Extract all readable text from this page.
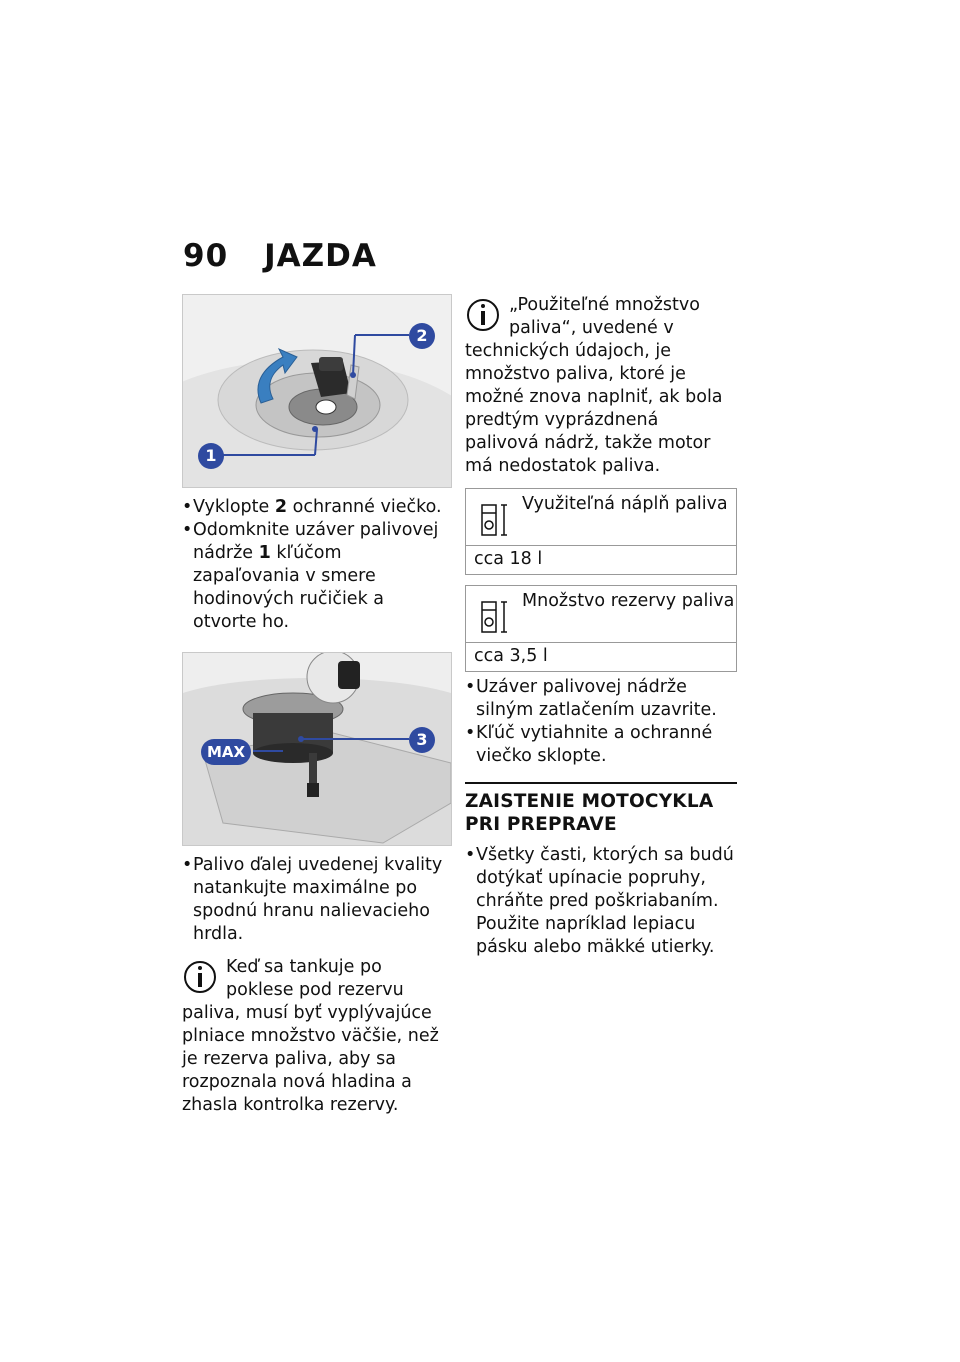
90 JAZDA
1
2
• Vyklopte 2 ochranné viečko.
• Odomknite uzáver palivovej nádrže 1 kľúčom zapaľovania v smere hodinových ručičiek a otvorte ho.
MAX
3
• Palivo ďalej uvedenej kvality natankujte maximálne po spodnú hranu nalievacieho hrdla.
Keď sa tankuje po poklese pod rezervu paliva, musí byť vyplývajúce plniace množstvo väčšie, než je rezerva paliva, aby sa rozpoznala nová hladina a zhasla kontrolka rezervy.
„Použiteľné množstvo paliva“, uvedené v technických údajoch, je množstvo paliva, ktoré je možné znova naplniť, ak bola predtým vyprázdnená palivová nádrž, takže motor má nedostatok paliva.
Využiteľná náplň paliva
cca 18 l
Množstvo rezervy paliva
cca 3,5 l
• Uzáver palivovej nádrže silným zatlačením uzavrite.
• Kľúč vytiahnite a ochranné viečko sklopte.
ZAISTENIE MOTOCYKLA PRI PREPRAVE
• Všetky časti, ktorých sa budú dotýkať upínacie popruhy, chráňte pred poškriabaním. Použite napríklad lepiacu pásku alebo mäkké utierky.
